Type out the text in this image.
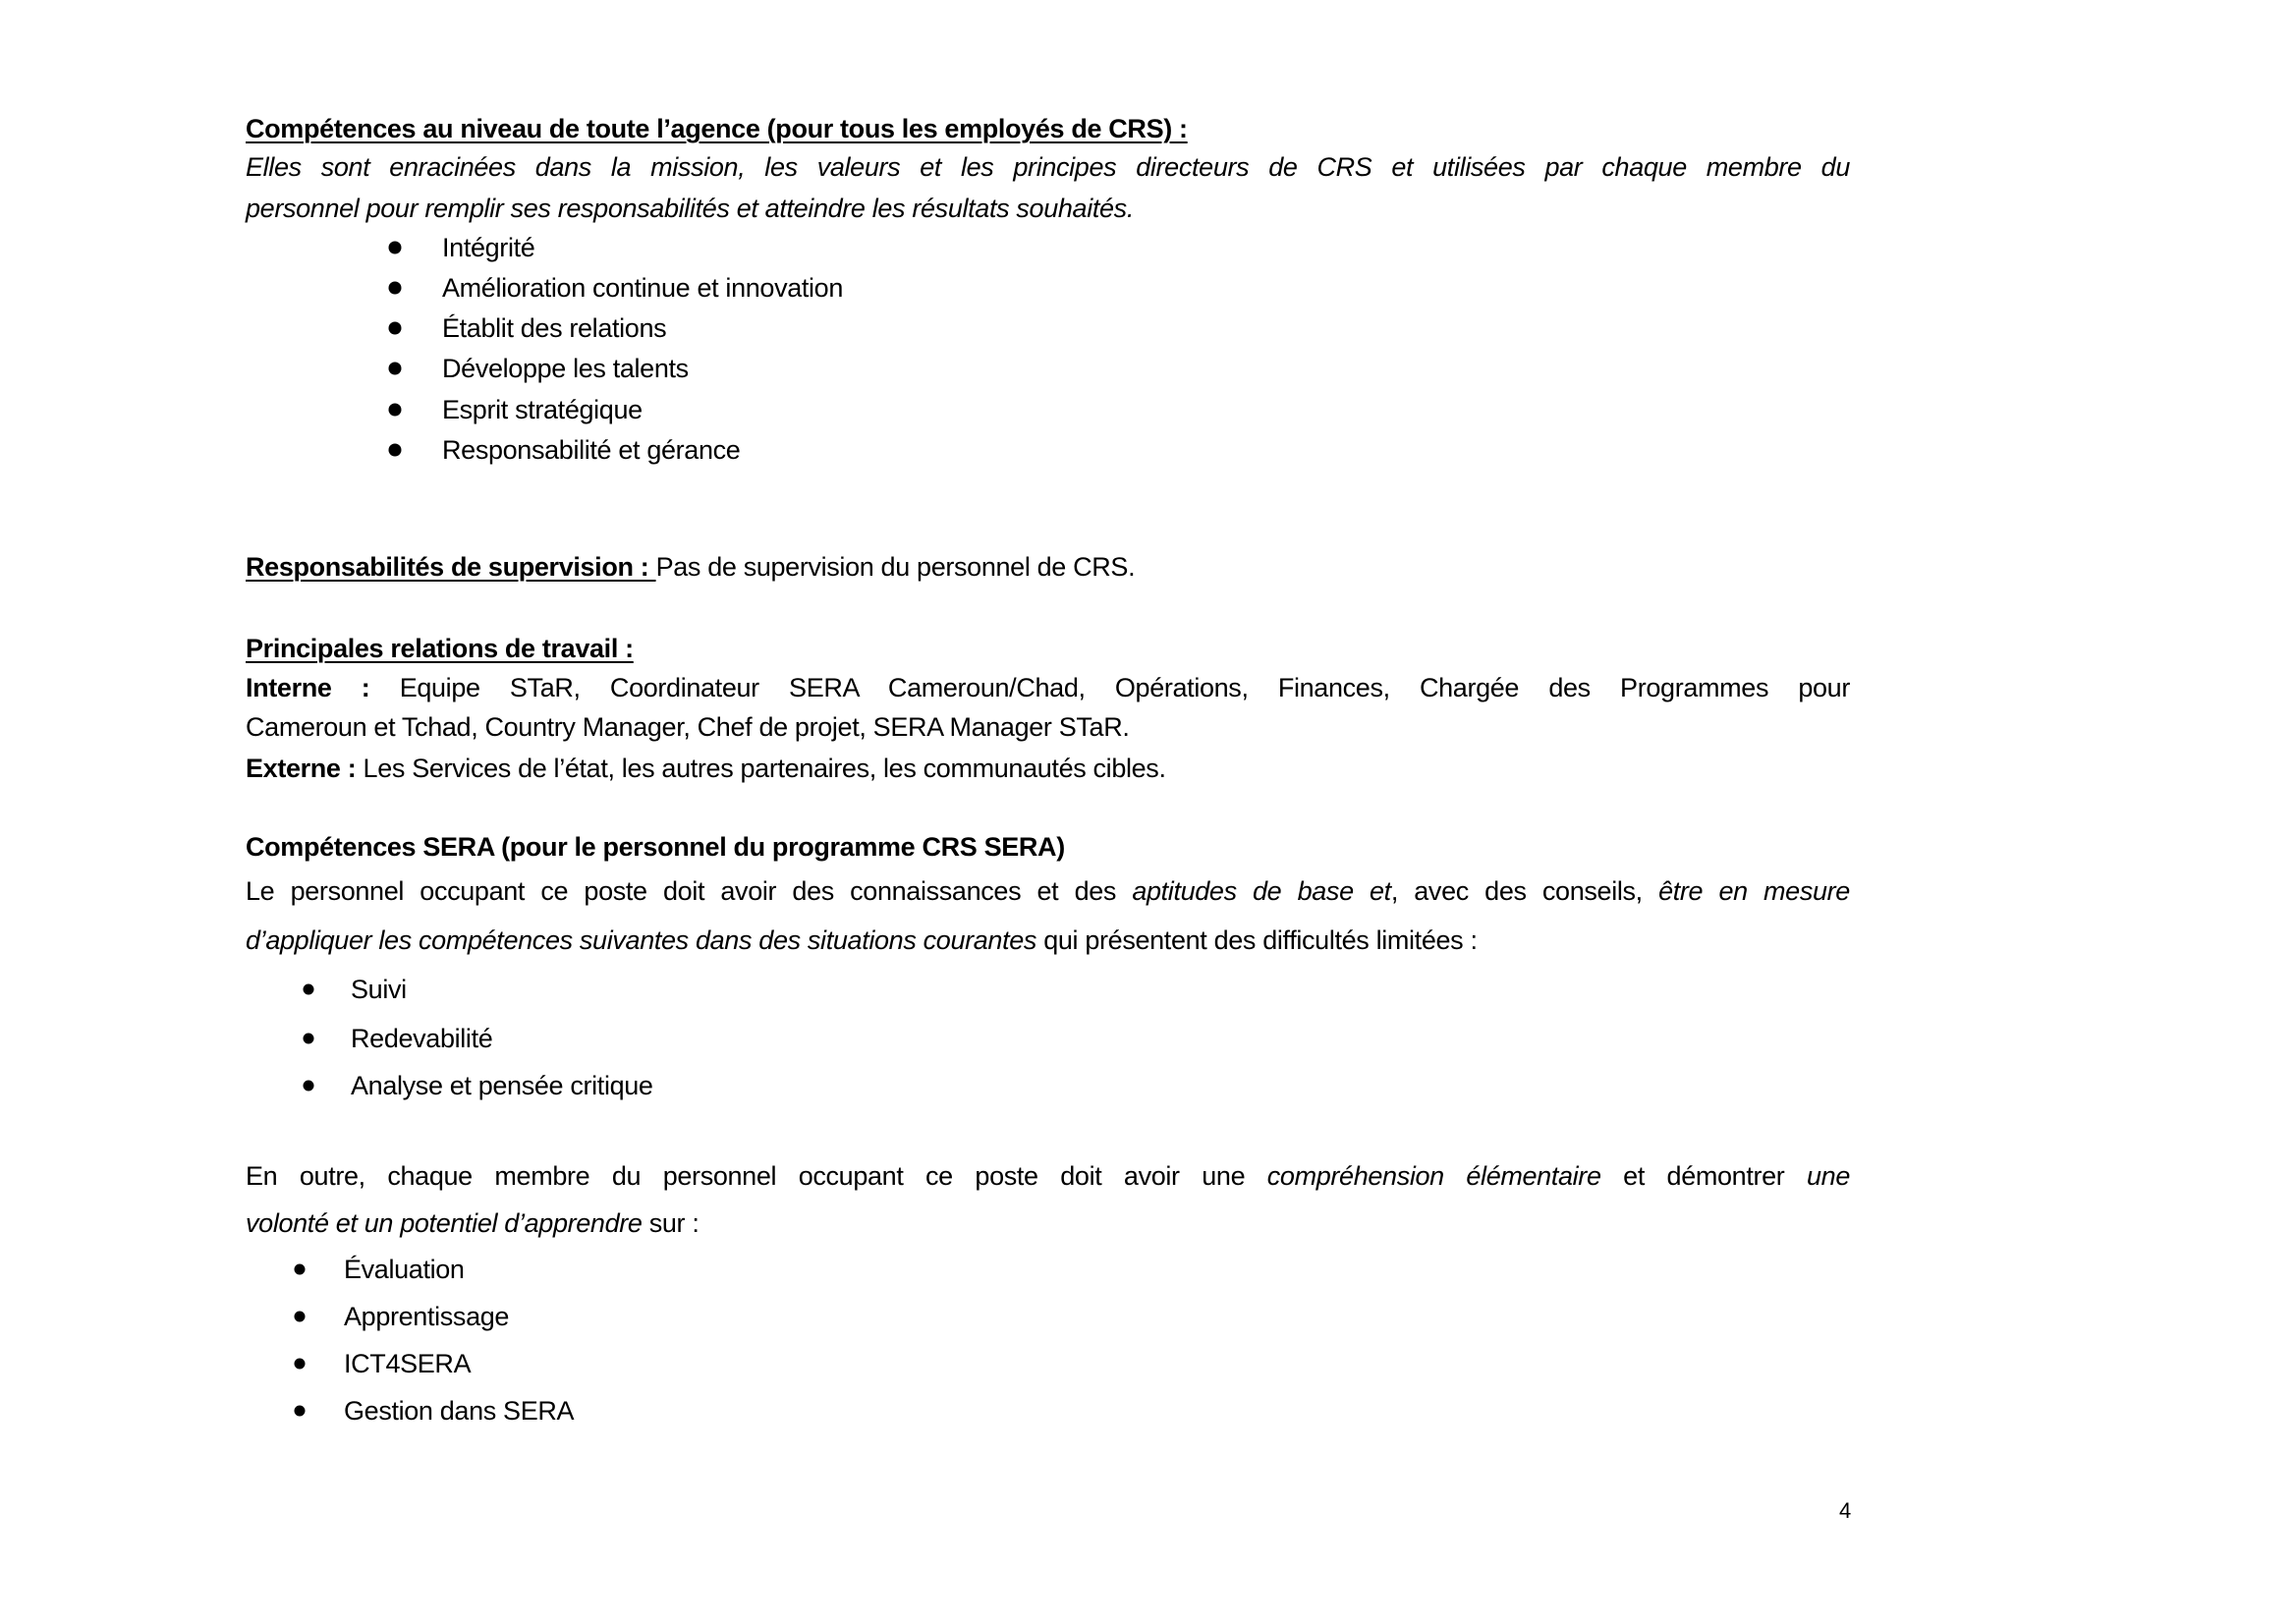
Compétences au niveau de toute l’agence (pour tous les employés de CRS) :
Elles sont enracinées dans la mission, les valeurs et les principes directeurs de CRS et utilisées par chaque membre du
personnel pour remplir ses responsabilités et atteindre les résultats souhaités.
Intégrité
Amélioration continue et innovation
Établit des relations
Développe les talents
Esprit stratégique
Responsabilité et gérance
Responsabilités de supervision : Pas de supervision du personnel de CRS.
Principales relations de travail :
Interne : Equipe STaR, Coordinateur SERA Cameroun/Chad, Opérations, Finances, Chargée des Programmes pour
Cameroun et Tchad, Country Manager, Chef de projet, SERA Manager STaR.
Externe : Les Services de l’état, les autres partenaires, les communautés cibles.
Compétences SERA (pour le personnel du programme CRS SERA)
Le personnel occupant ce poste doit avoir des connaissances et des aptitudes de base et, avec des conseils, être en mesure
d’appliquer les compétences suivantes dans des situations courantes qui présentent des difficultés limitées :
Suivi
Redevabilité
Analyse et pensée critique
En outre, chaque membre du personnel occupant ce poste doit avoir une compréhension élémentaire et démontrer une
volonté et un potentiel d’apprendre sur :
Évaluation
Apprentissage
ICT4SERA
Gestion dans SERA
4
